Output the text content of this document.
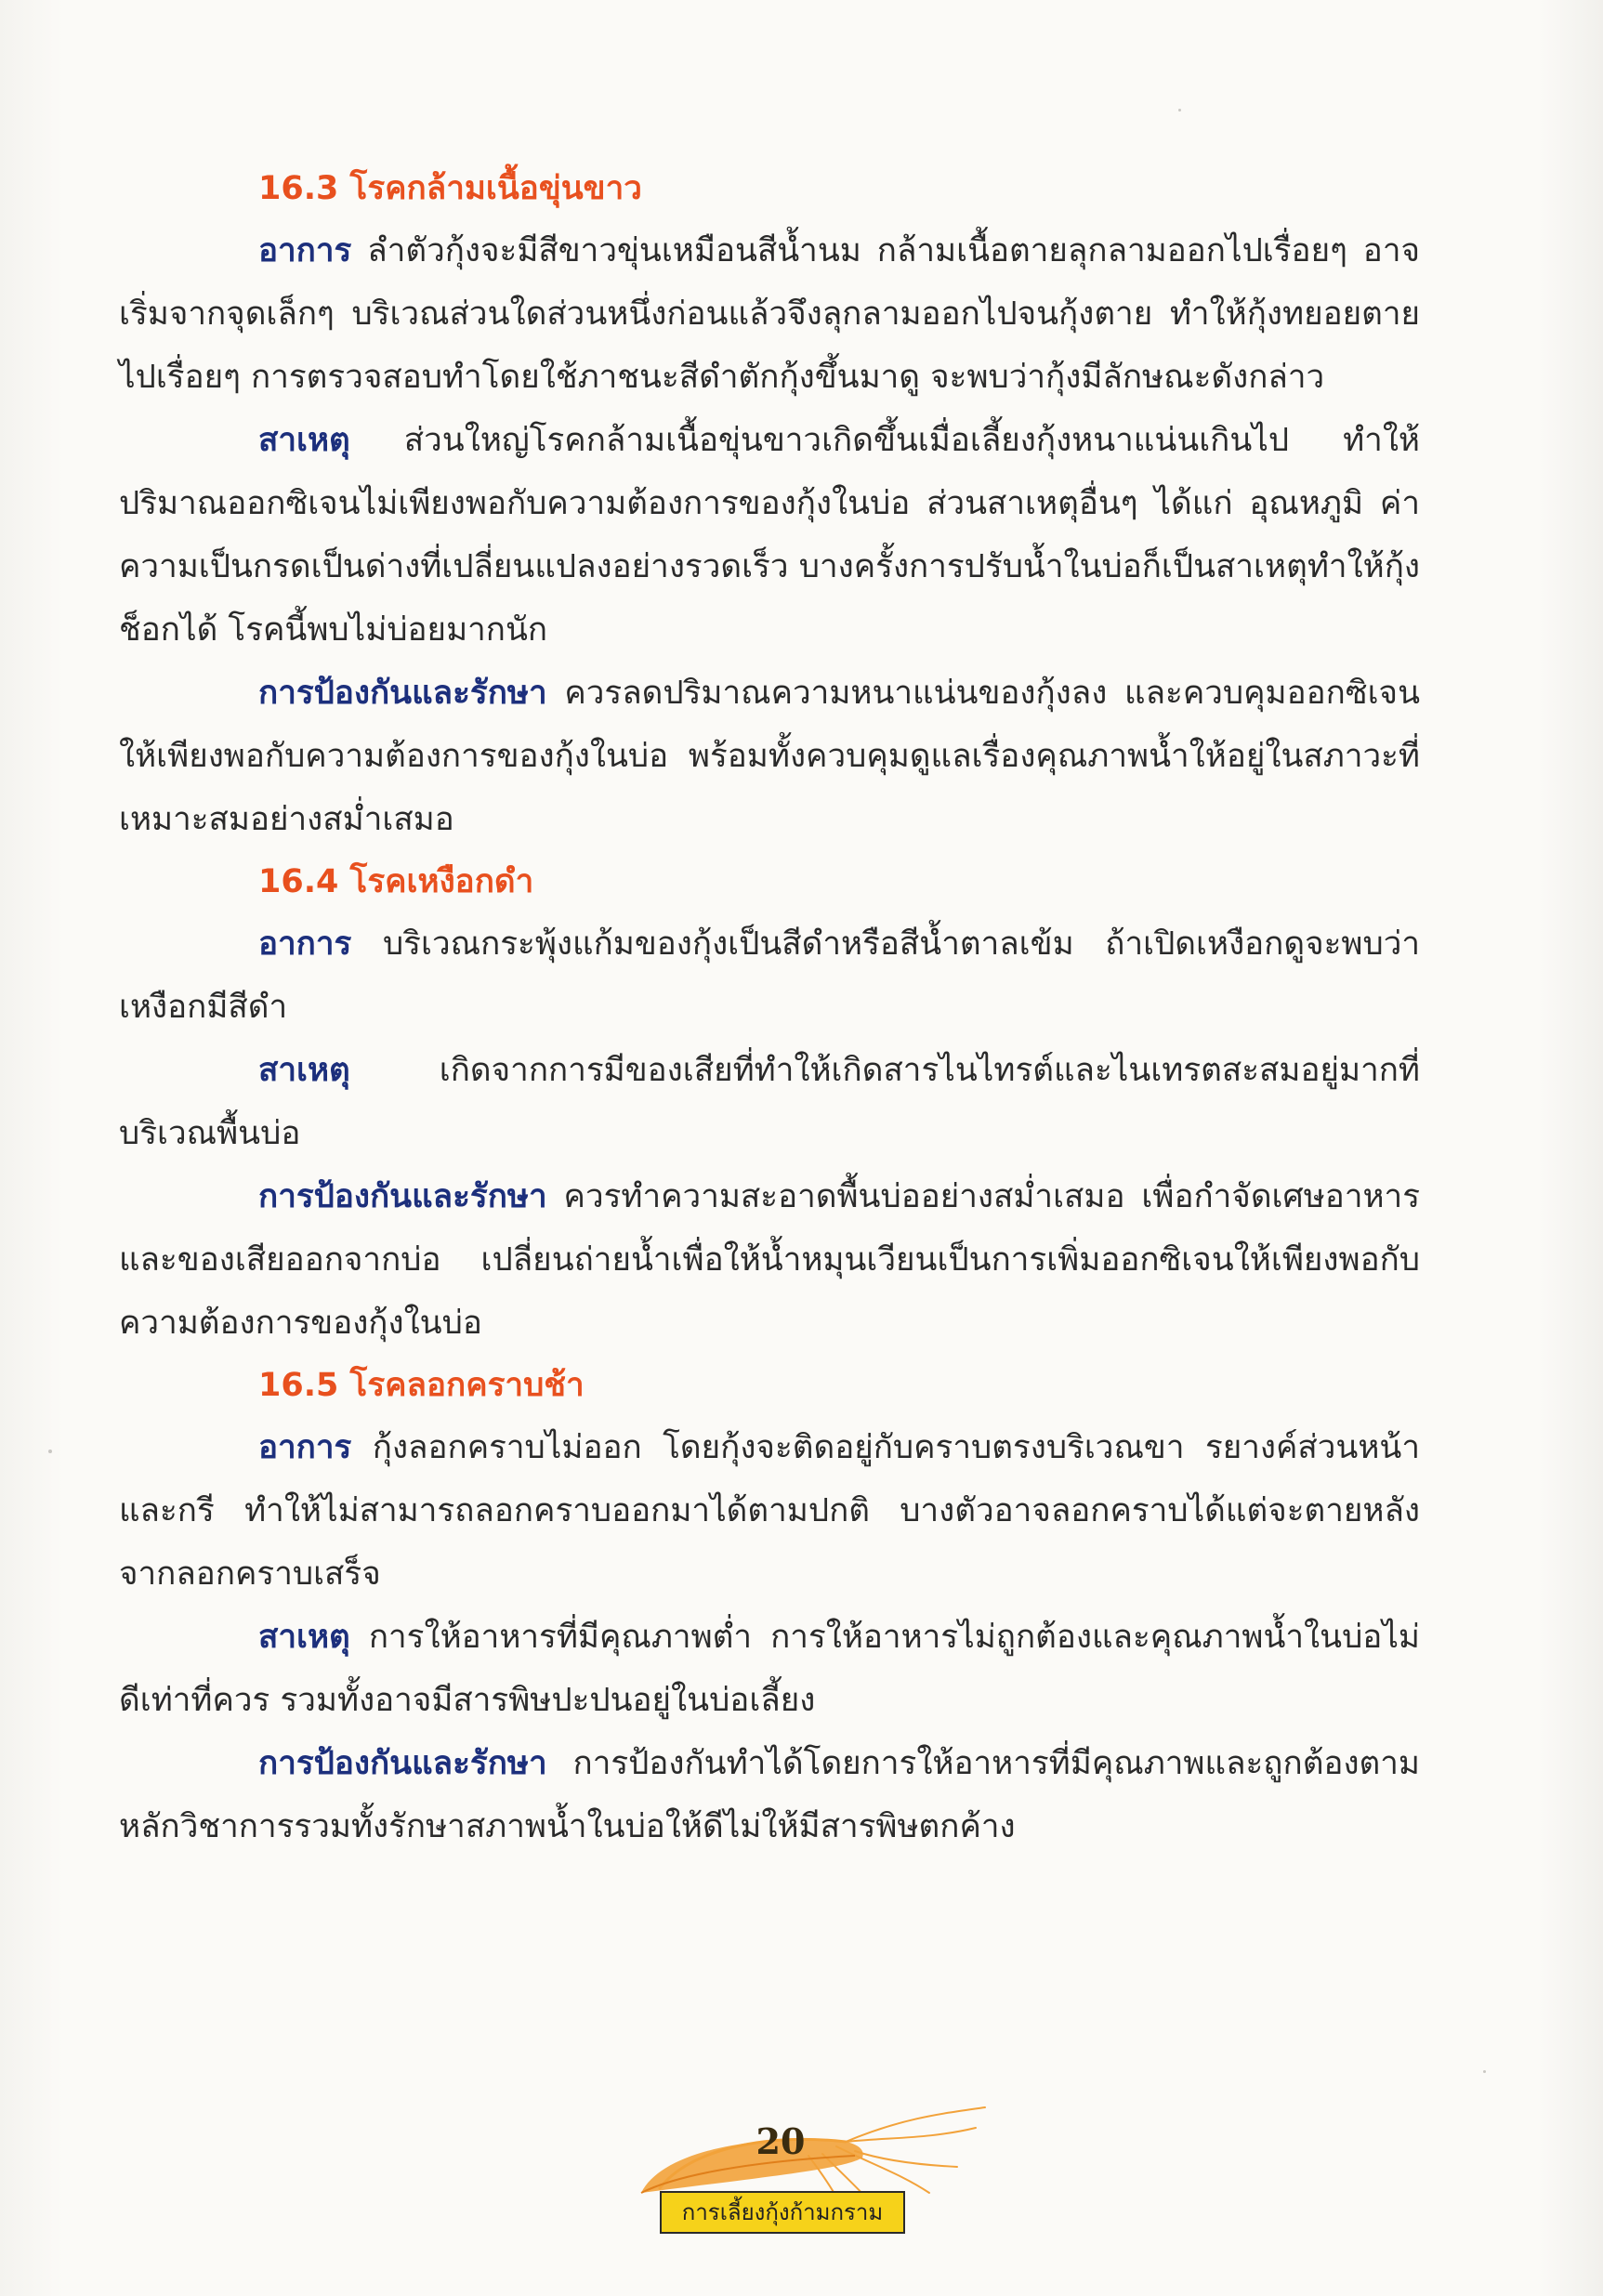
16.3 โรคกล้ามเนื้อขุ่นขาว

อาการ ลำตัวกุ้งจะมีสีขาวขุ่นเหมือนสีน้ำนม กล้ามเนื้อตายลุกลามออกไปเรื่อยๆ อาจเริ่มจากจุดเล็กๆ บริเวณส่วนใดส่วนหนึ่งก่อนแล้วจึงลุกลามออกไปจนกุ้งตาย ทำให้กุ้งทยอยตายไปเรื่อยๆ การตรวจสอบทำโดยใช้ภาชนะสีดำตักกุ้งขึ้นมาดู จะพบว่ากุ้งมีลักษณะดังกล่าว

สาเหตุ ส่วนใหญ่โรคกล้ามเนื้อขุ่นขาวเกิดขึ้นเมื่อเลี้ยงกุ้งหนาแน่นเกินไป ทำให้ปริมาณออกซิเจนไม่เพียงพอกับความต้องการของกุ้งในบ่อ ส่วนสาเหตุอื่นๆ ได้แก่ อุณหภูมิ ค่าความเป็นกรดเป็นด่างที่เปลี่ยนแปลงอย่างรวดเร็ว บางครั้งการปรับน้ำในบ่อก็เป็นสาเหตุทำให้กุ้งช็อกได้ โรคนี้พบไม่บ่อยมากนัก

การป้องกันและรักษา ควรลดปริมาณความหนาแน่นของกุ้งลง และควบคุมออกซิเจนให้เพียงพอกับความต้องการของกุ้งในบ่อ พร้อมทั้งควบคุมดูแลเรื่องคุณภาพน้ำให้อยู่ในสภาวะที่เหมาะสมอย่างสม่ำเสมอ

16.4 โรคเหงือกดำ

อาการ บริเวณกระพุ้งแก้มของกุ้งเป็นสีดำหรือสีน้ำตาลเข้ม ถ้าเปิดเหงือกดูจะพบว่าเหงือกมีสีดำ

สาเหตุ เกิดจากการมีของเสียที่ทำให้เกิดสารไนไทรต์และไนเทรตสะสมอยู่มากที่บริเวณพื้นบ่อ

การป้องกันและรักษา ควรทำความสะอาดพื้นบ่ออย่างสม่ำเสมอ เพื่อกำจัดเศษอาหารและของเสียออกจากบ่อ เปลี่ยนถ่ายน้ำเพื่อให้น้ำหมุนเวียนเป็นการเพิ่มออกซิเจนให้เพียงพอกับความต้องการของกุ้งในบ่อ

16.5 โรคลอกคราบช้า

อาการ กุ้งลอกคราบไม่ออก โดยกุ้งจะติดอยู่กับคราบตรงบริเวณขา รยางค์ส่วนหน้าและกรี ทำให้ไม่สามารถลอกคราบออกมาได้ตามปกติ บางตัวอาจลอกคราบได้แต่จะตายหลังจากลอกคราบเสร็จ

สาเหตุ การให้อาหารที่มีคุณภาพต่ำ การให้อาหารไม่ถูกต้องและคุณภาพน้ำในบ่อไม่ดีเท่าที่ควร รวมทั้งอาจมีสารพิษปะปนอยู่ในบ่อเลี้ยง

การป้องกันและรักษา การป้องกันทำได้โดยการให้อาหารที่มีคุณภาพและถูกต้องตามหลักวิชาการรวมทั้งรักษาสภาพน้ำในบ่อให้ดีไม่ให้มีสารพิษตกค้าง

20
การเลี้ยงกุ้งก้ามกราม
